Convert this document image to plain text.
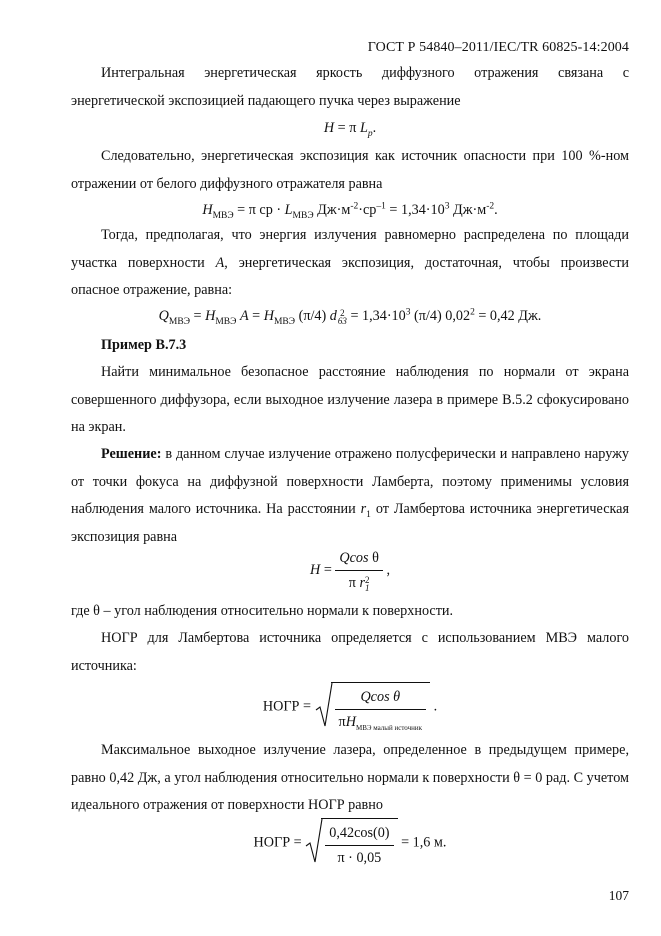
ГОСТ Р 54840–2011/IEC/TR 60825-14:2004
Интегральная энергетическая яркость диффузного отражения связана с энергетической экспозицией падающего пучка через выражение
H = π $L_p$.
Следовательно, энергетическая экспозиция как источник опасности при 100 %-ном отражении от белого диффузного отражателя равна
$H_{МВЭ} = \pi$ ср · $L_{МВЭ}$ $Дж\cdot м^{-2}\cdot ср^{-1} = 1,34\cdot 10^3$ $Дж\cdot м^{-2}$.
Тогда, предполагая, что энергия излучения равномерно распределена по площади участка поверхности A, энергетическая экспозиция, достаточная, чтобы произвести опасное отражение, равна:
$Q_{МВЭ} = H_{МВЭ}$ $A = H_{МВЭ}$ (π/4) d 2
$63 = 1,34\cdot 10^3$ (π/4) $0,02^2 = 0,42$ Дж.
Пример В.7.3
Найти минимальное безопасное расстояние наблюдения по нормали от экрана совершенного диффузора, если выходное излучение лазера в примере В.5.2 сфокусировано на экран.
Решение: в данном случае излучение отражено полусферически и направлено наружу от точки фокуса на диффузной поверхности Ламберта, поэтому применимы условия наблюдения малого источника. На расстоянии $r_1$ от Ламбертова источника энергетическая экспозиция равна
H = Qcos θ
π r 2
1 ,
где θ – угол наблюдения относительно нормали к поверхности.
НОГР для Ламбертова источника определяется с использованием МВЭ малого источника:
НОГР = $\frac{\text{Qcos θ}}{\pi H_{МВЭ малый источник}}$ .
Максимальное выходное излучение лазера, определенное в предыдущем примере, равно 0,42 Дж, а угол наблюдения относительно нормали к поверхности θ = 0 рад. С учетом идеального отражения от поверхности НОГР равно
НОГР = $\frac{0,42\cos(0)}{\pi \cdot 0,05} = 1,6$ м.
107
